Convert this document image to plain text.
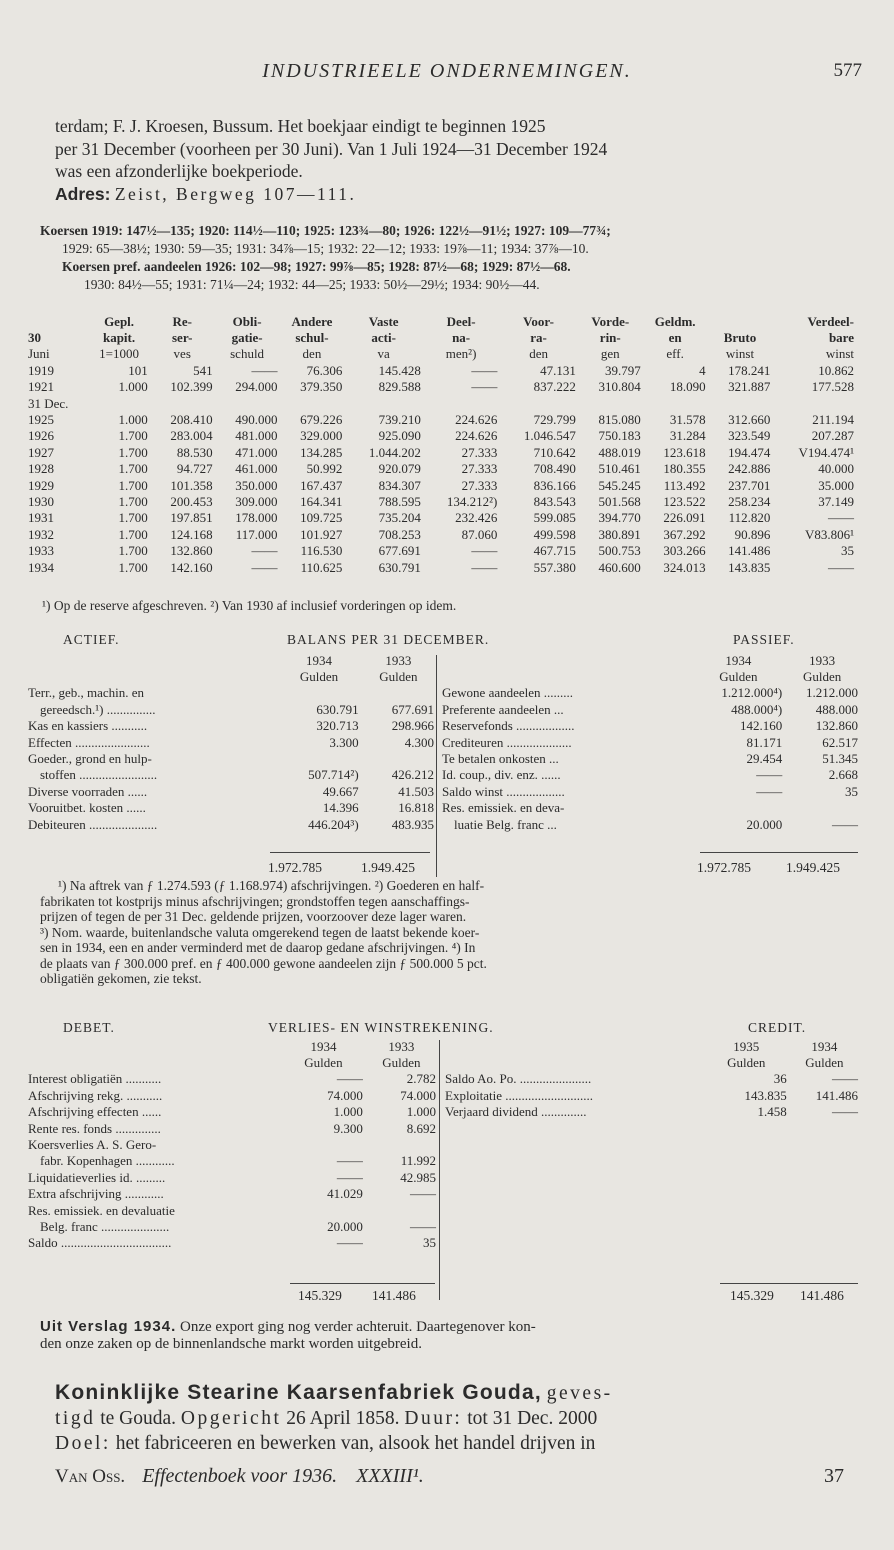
INDUSTRIEELE ONDERNEMINGEN.	577
terdam; F. J. Kroesen, Bussum. Het boekjaar eindigt te beginnen 1925
per 31 December (voorheen per 30 Juni). Van 1 Juli 1924—31 December 1924
was een afzonderlijke boekperiode.
Adres: Zeist, Bergweg 107—111.
Koersen 1919: 147½—135; 1920: 114½—110; 1925: 123¾—80; 1926: 122½—91½; 1927: 109—77¾;
1929: 65—38½; 1930: 59—35; 1931: 34⅞—15; 1932: 22—12; 1933: 19⅞—11; 1934: 37⅞—10.
Koersen pref. aandeelen 1926: 102—98; 1927: 99⅞—85; 1928: 87½—68; 1929: 87½—68.
1930: 84½—55; 1931: 71¼—24; 1932: 44—25; 1933: 50½—29½; 1934: 90½—44.
	Gepl.	Re-	Obli-	Andere	Vaste	Deel-	Voor-	Vorde-	Geldm.		Verdeel-
30	kapit.	ser-	gatie-	schul-	acti-	na-	ra-	rin-	en	Bruto	bare
Juni	1=1000	ves	schuld	den	va	men²)	den	gen	eff.	winst	winst
1919	101	541	——	76.306	145.428	——	47.131	39.797	4	178.241	10.862
1921	1.000	102.399	294.000	379.350	829.588	——	837.222	310.804	18.090	321.887	177.528
31 Dec.											
1925	1.000	208.410	490.000	679.226	739.210	224.626	729.799	815.080	31.578	312.660	211.194
1926	1.700	283.004	481.000	329.000	925.090	224.626	1.046.547	750.183	31.284	323.549	207.287
1927	1.700	88.530	471.000	134.285	1.044.202	27.333	710.642	488.019	123.618	194.474	V194.474¹
1928	1.700	94.727	461.000	50.992	920.079	27.333	708.490	510.461	180.355	242.886	40.000
1929	1.700	101.358	350.000	167.437	834.307	27.333	836.166	545.245	113.492	237.701	35.000
1930	1.700	200.453	309.000	164.341	788.595	134.212²)	843.543	501.568	123.522	258.234	37.149
1931	1.700	197.851	178.000	109.725	735.204	232.426	599.085	394.770	226.091	112.820	——
1932	1.700	124.168	117.000	101.927	708.253	87.060	499.598	380.891	367.292	90.896	V83.806¹
1933	1.700	132.860	——	116.530	677.691	——	467.715	500.753	303.266	141.486	35
1934	1.700	142.160	——	110.625	630.791	——	557.380	460.600	324.013	143.835	——
¹) Op de reserve afgeschreven. ²) Van 1930 af inclusief vorderingen op idem.
ACTIEF.	BALANS PER 31 DECEMBER.	PASSIEF.
	1934	1933
	Gulden	Gulden
Terr., geb., machin. en		
gereedsch.¹) ...............	630.791	677.691
Kas en kassiers ...........	320.713	298.966
Effecten .......................	3.300	4.300
Goeder., grond en hulp-		
stoffen ........................	507.714²)	426.212
Diverse voorraden ......	49.667	41.503
Vooruitbet. kosten ......	14.396	16.818
Debiteuren .....................	446.204³)	483.935
	1934	1933
	Gulden	Gulden
Gewone aandeelen .........	1.212.000⁴)	1.212.000
Preferente aandeelen ...	488.000⁴)	488.000
Reservefonds ..................	142.160	132.860
Crediteuren ....................	81.171	62.517
Te betalen onkosten ...	29.454	51.345
Id. coup., div. enz. ......	——	2.668
Saldo winst ..................	——	35
Res. emissiek. en deva-		
luatie Belg. franc ...	20.000	——
1.972.785	1.949.425	1.972.785	1.949.425
¹) Na aftrek van ƒ 1.274.593 (ƒ 1.168.974) afschrijvingen. ²) Goederen en half-
fabrikaten tot kostprijs minus afschrijvingen; grondstoffen tegen aanschaffings-
prijzen of tegen de per 31 Dec. geldende prijzen, voorzoover deze lager waren.
³) Nom. waarde, buitenlandsche valuta omgerekend tegen de laatst bekende koer-
sen in 1934, een en ander verminderd met de daarop gedane afschrijvingen. ⁴) In
de plaats van ƒ 300.000 pref. en ƒ 400.000 gewone aandeelen zijn ƒ 500.000 5 pct.
obligatiën gekomen, zie tekst.
DEBET.	VERLIES- EN WINSTREKENING.	CREDIT.
	1934	1933
	Gulden	Gulden
Interest obligatiën ...........	——	2.782
Afschrijving rekg. ...........	74.000	74.000
Afschrijving effecten ......	1.000	1.000
Rente res. fonds ..............	9.300	8.692
Koersverlies A. S. Gero-		
fabr. Kopenhagen ............	——	11.992
Liquidatieverlies id. .........	——	42.985
Extra afschrijving ............	41.029	——
Res. emissiek. en devaluatie		
Belg. franc .....................	20.000	——
Saldo ..................................	——	35
	1935	1934
	Gulden	Gulden
Saldo Ao. Po. ......................	36	——
Exploitatie ...........................	143.835	141.486
Verjaard dividend ..............	1.458	——
145.329 141.486	145.329 141.486
Uit Verslag 1934. Onze export ging nog verder achteruit. Daartegenover kon-
den onze zaken op de binnenlandsche markt worden uitgebreid.
Koninklijke Stearine Kaarsenfabriek Gouda, geves-
tigd te Gouda. Opgericht 26 April 1858. Duur: tot 31 Dec. 2000
Doel: het fabriceeren en bewerken van, alsook het handel drijven in
Van Oss. Effectenboek voor 1936. XXXIII¹.	37
